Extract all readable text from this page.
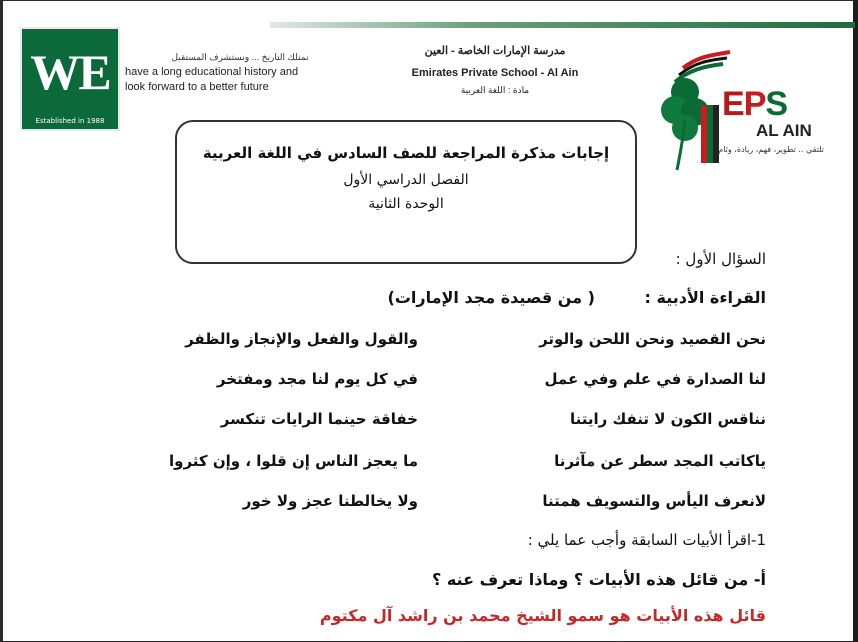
WE
Established in 1988
نمتلك التاريخ ... ونستشرف المستقبل
have a long educational history and
look forward to a better future
مدرسة الإمارات الخاصة - العين
Emirates Private School - Al Ain
مادة : اللغة العربية	EPS
AL AIN
تلتقي .. تطوير، فهم، ريادة، وئام
إجابات مذكرة المراجعة للصف السادس في اللغة العربية
الفصل الدراسي الأول
الوحدة الثانية
السؤال الأول :
القراءة الأدبية : ( من قصيدة مجد الإمارات)
نحن القصيد ونحن اللحن والوتر
والقول والفعل والإنجاز والظفر
لنا الصدارة في علم وفي عمل
في كل يوم لنا مجد ومفتخر
نناقس الكون لا تنفك رايتنا
خفاقة حينما الرايات تنكسر
ياكاتب المجد سطر عن مآثرنا
ما يعجز الناس إن قلوا ، وإن كثروا
لانعرف اليأس والتسويف همتنا
ولا يخالطنا عجز ولا خور
1-اقرأ الأبيات السابقة وأجب عما يلي :
أ- من قائل هذه الأبيات ؟ وماذا تعرف عنه ؟
قائل هذه الأبيات هو سمو الشيخ محمد بن راشد آل مكتوم
